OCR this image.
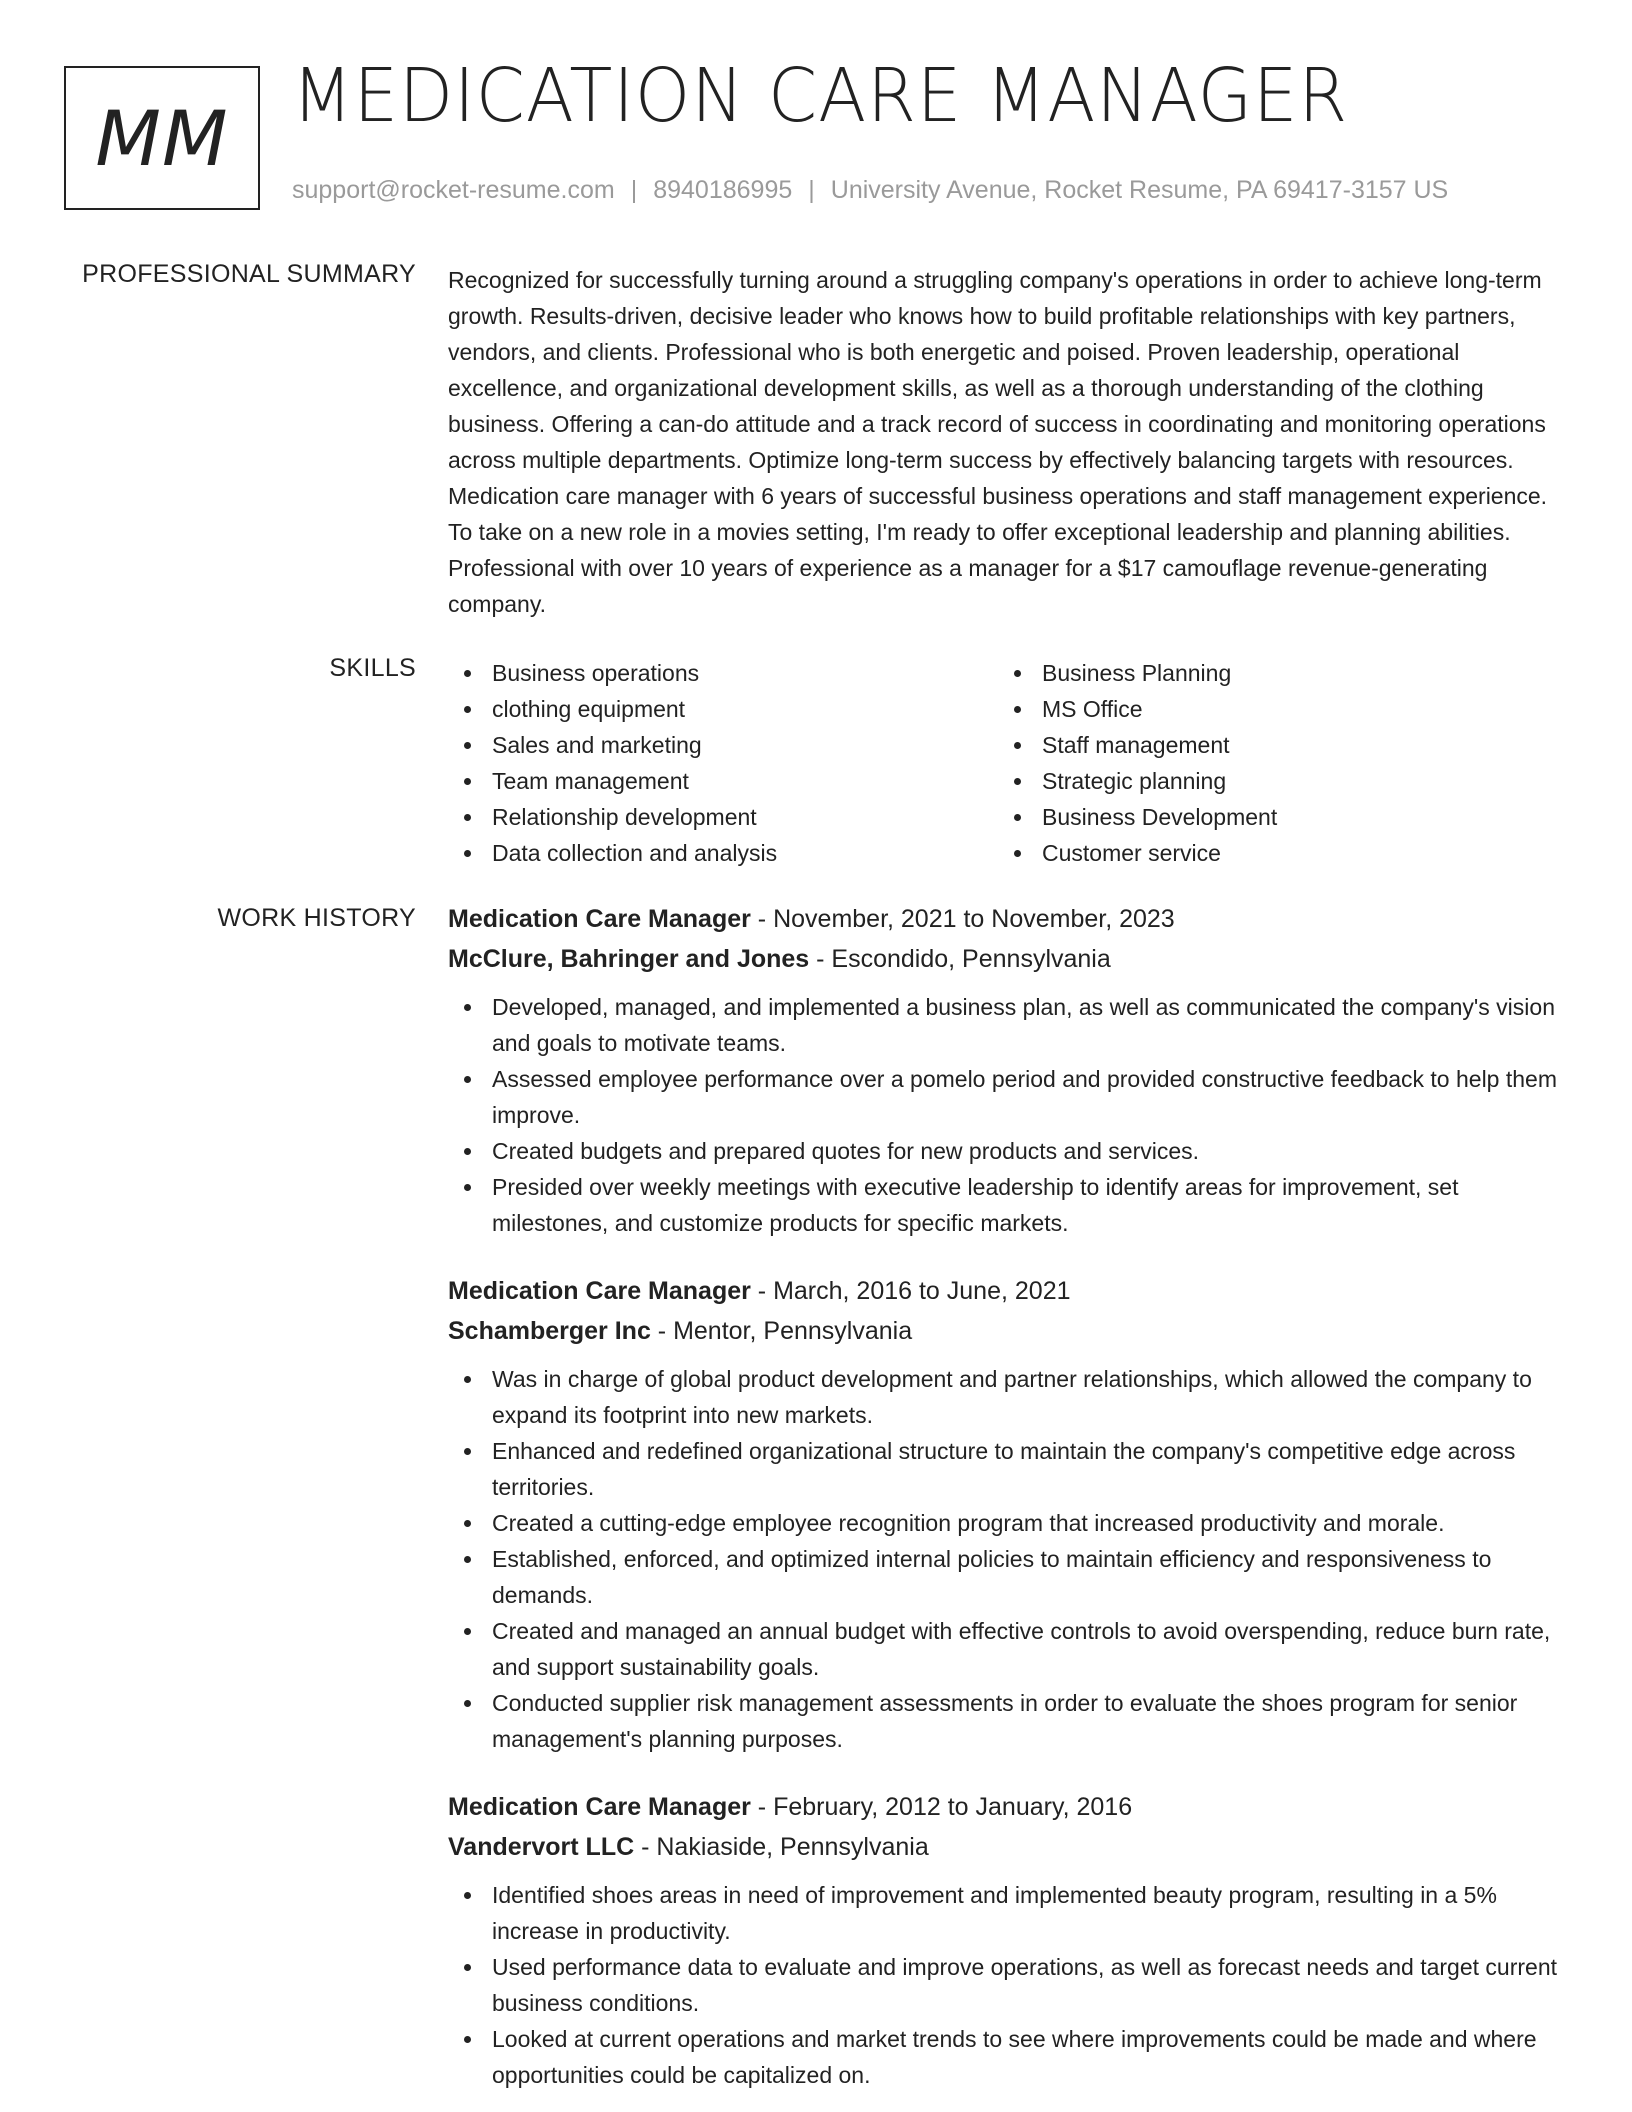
MM MEDICATION CARE MANAGER
support@rocket-resume.com | 8940186995 | University Avenue, Rocket Resume, PA 69417-3157 US
PROFESSIONAL SUMMARY Recognized for successfully turning around a struggling company's operations in order to achieve long-term growth. Results-driven, decisive leader who knows how to build profitable relationships with key partners, vendors, and clients. Professional who is both energetic and poised. Proven leadership, operational excellence, and organizational development skills, as well as a thorough understanding of the clothing business. Offering a can-do attitude and a track record of success in coordinating and monitoring operations across multiple departments. Optimize long-term success by effectively balancing targets with resources. Medication care manager with 6 years of successful business operations and staff management experience. To take on a new role in a movies setting, I'm ready to offer exceptional leadership and planning abilities. Professional with over 10 years of experience as a manager for a $17 camouflage revenue-generating company.
SKILLS	Business operations
clothing equipment
Sales and marketing
Team management
Relationship development
Data collection and analysis
Business Planning
MS Office
Staff management
Strategic planning
Business Development
Customer service
WORK HISTORY Medication Care Manager - November, 2021 to November, 2023
McClure, Bahringer and Jones - Escondido, Pennsylvania
Developed, managed, and implemented a business plan, as well as communicated the company's vision and goals to motivate teams.
Assessed employee performance over a pomelo period and provided constructive feedback to help them improve.
Created budgets and prepared quotes for new products and services.
Presided over weekly meetings with executive leadership to identify areas for improvement, set milestones, and customize products for specific markets.
Medication Care Manager - March, 2016 to June, 2021
Schamberger Inc - Mentor, Pennsylvania
Was in charge of global product development and partner relationships, which allowed the company to expand its footprint into new markets.
Enhanced and redefined organizational structure to maintain the company's competitive edge across territories.
Created a cutting-edge employee recognition program that increased productivity and morale.
Established, enforced, and optimized internal policies to maintain efficiency and responsiveness to demands.
Created and managed an annual budget with effective controls to avoid overspending, reduce burn rate, and support sustainability goals.
Conducted supplier risk management assessments in order to evaluate the shoes program for senior management's planning purposes.
Medication Care Manager - February, 2012 to January, 2016
Vandervort LLC - Nakiaside, Pennsylvania
Identified shoes areas in need of improvement and implemented beauty program, resulting in a 5% increase in productivity.
Used performance data to evaluate and improve operations, as well as forecast needs and target current business conditions.
Looked at current operations and market trends to see where improvements could be made and where opportunities could be capitalized on.
